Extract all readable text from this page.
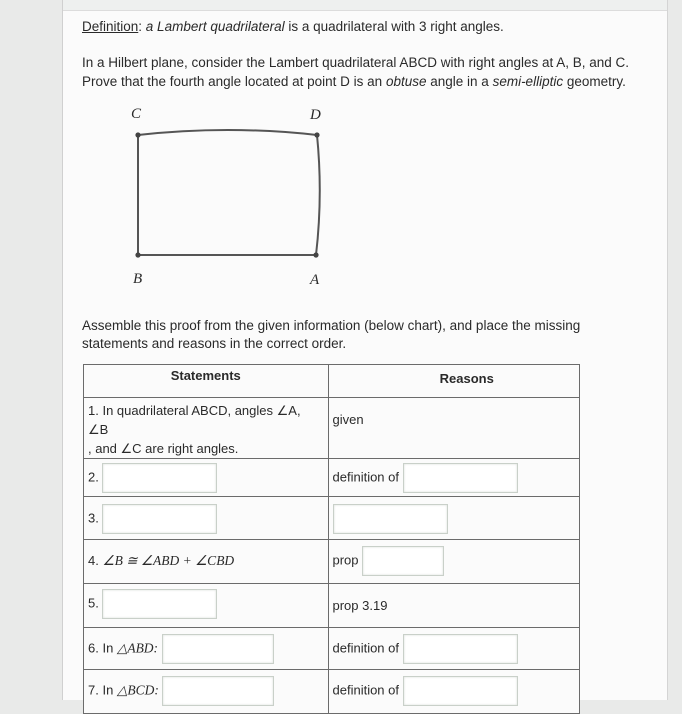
Definition: a Lambert quadrilateral is a quadrilateral with 3 right angles.
In a Hilbert plane, consider the Lambert quadrilateral ABCD with right angles at A, B, and C.
Prove that the fourth angle located at point D is an obtuse angle in a semi-elliptic geometry.
C	D
B	A
Assemble this proof from the given information (below chart), and place the missing
statements and reasons in the correct order.
Statements	Reasons

1. In quadrilateral ABCD, angles ∠A, ∠B
, and ∠C are right angles.	given
2.	definition of
3.	
4. ∠B ≅ ∠ABD + ∠CBD	prop
5.	prop 3.19
6. In △ABD:	definition of
7. In △BCD:	definition of
